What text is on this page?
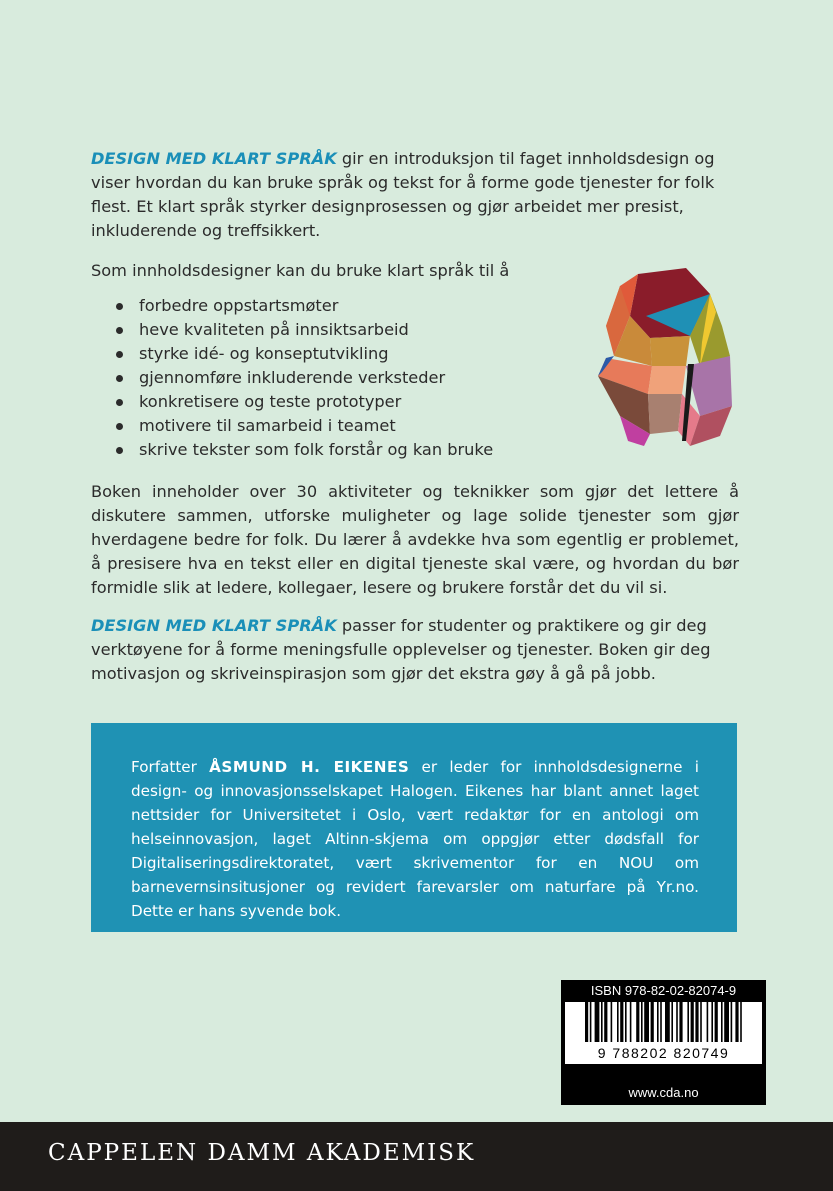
DESIGN MED KLART SPRÅK gir en introduksjon til faget innholdsdesign og viser hvordan du kan bruke språk og tekst for å forme gode tjenester for folk flest. Et klart språk styrker designprosessen og gjør arbeidet mer presist, inkluderende og treffsikkert.

Som innholdsdesigner kan du bruke klart språk til å

forbedre oppstartsmøter
heve kvaliteten på innsiktsarbeid
styrke idé- og konseptutvikling
gjennomføre inkluderende verksteder
konkretisere og teste prototyper
motivere til samarbeid i teamet
skrive tekster som folk forstår og kan bruke

Boken inneholder over 30 aktiviteter og teknikker som gjør det lettere å diskutere sammen, utforske muligheter og lage solide tjenester som gjør hverdagene bedre for folk. Du lærer å avdekke hva som egentlig er problemet, å presisere hva en tekst eller en digital tjeneste skal være, og hvordan du bør formidle slik at ledere, kollegaer, lesere og brukere forstår det du vil si.

DESIGN MED KLART SPRÅK passer for studenter og praktikere og gir deg verktøyene for å forme meningsfulle opplevelser og tjenester. Boken gir deg motivasjon og skriveinspirasjon som gjør det ekstra gøy å gå på jobb.

Forfatter ÅSMUND H. EIKENES er leder for innholdsdesignerne i design- og innovasjonsselskapet Halogen. Eikenes har blant annet laget nettsider for Universitetet i Oslo, vært redaktør for en antologi om helseinnovasjon, laget Altinn-skjema om oppgjør etter dødsfall for Digitaliseringsdirektoratet, vært skrivementor for en NOU om barnevernsinsitusjoner og revidert farevarsler om naturfare på Yr.no. Dette er hans syvende bok.

ISBN 978-82-02-82074-9
9 788202 820749
www.cda.no
CAPPELEN DAMM AKADEMISK
